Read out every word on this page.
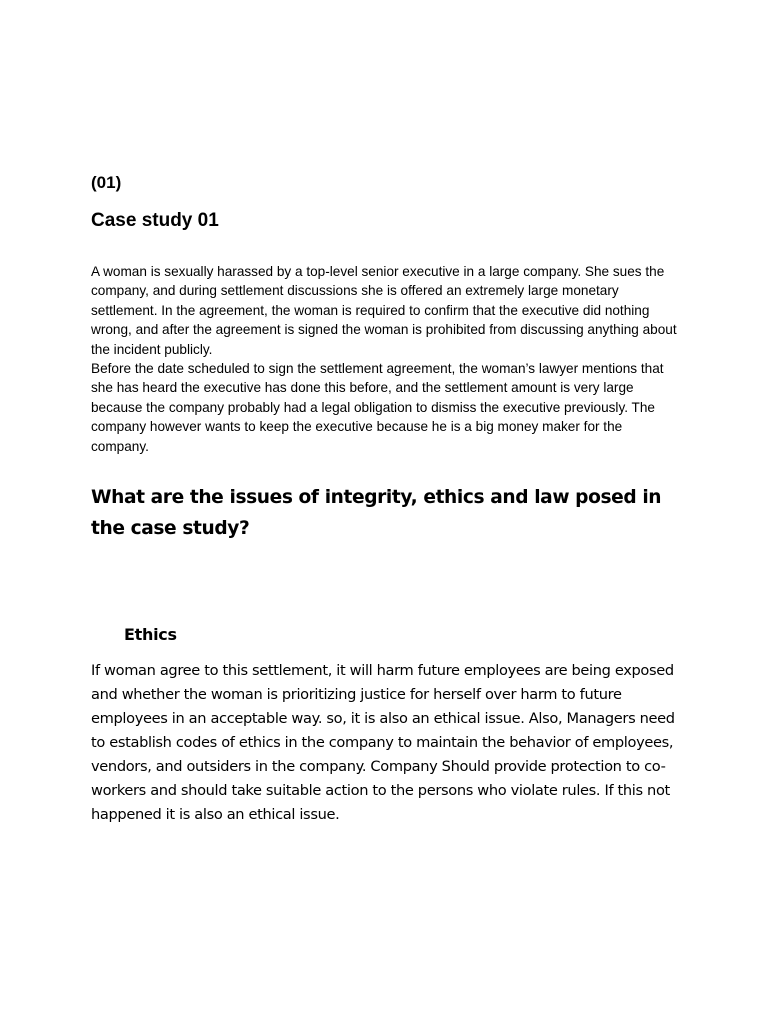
(01)

Case study 01

A woman is sexually harassed by a top-level senior executive in a large company. She sues the company, and during settlement discussions she is offered an extremely large monetary settlement. In the agreement, the woman is required to confirm that the executive did nothing wrong, and after the agreement is signed the woman is prohibited from discussing anything about the incident publicly.

Before the date scheduled to sign the settlement agreement, the woman’s lawyer mentions that she has heard the executive has done this before, and the settlement amount is very large because the company probably had a legal obligation to dismiss the executive previously. The company however wants to keep the executive because he is a big money maker for the company.

What are the issues of integrity, ethics and law posed in the case study?
Ethics

If woman agree to this settlement, it will harm future employees are being exposed and whether the woman is prioritizing justice for herself over harm to future employees in an acceptable way. so, it is also an ethical issue. Also, Managers need to establish codes of ethics in the company to maintain the behavior of employees, vendors, and outsiders in the company. Company Should provide protection to co-workers and should take suitable action to the persons who violate rules. If this not happened it is also an ethical issue.
